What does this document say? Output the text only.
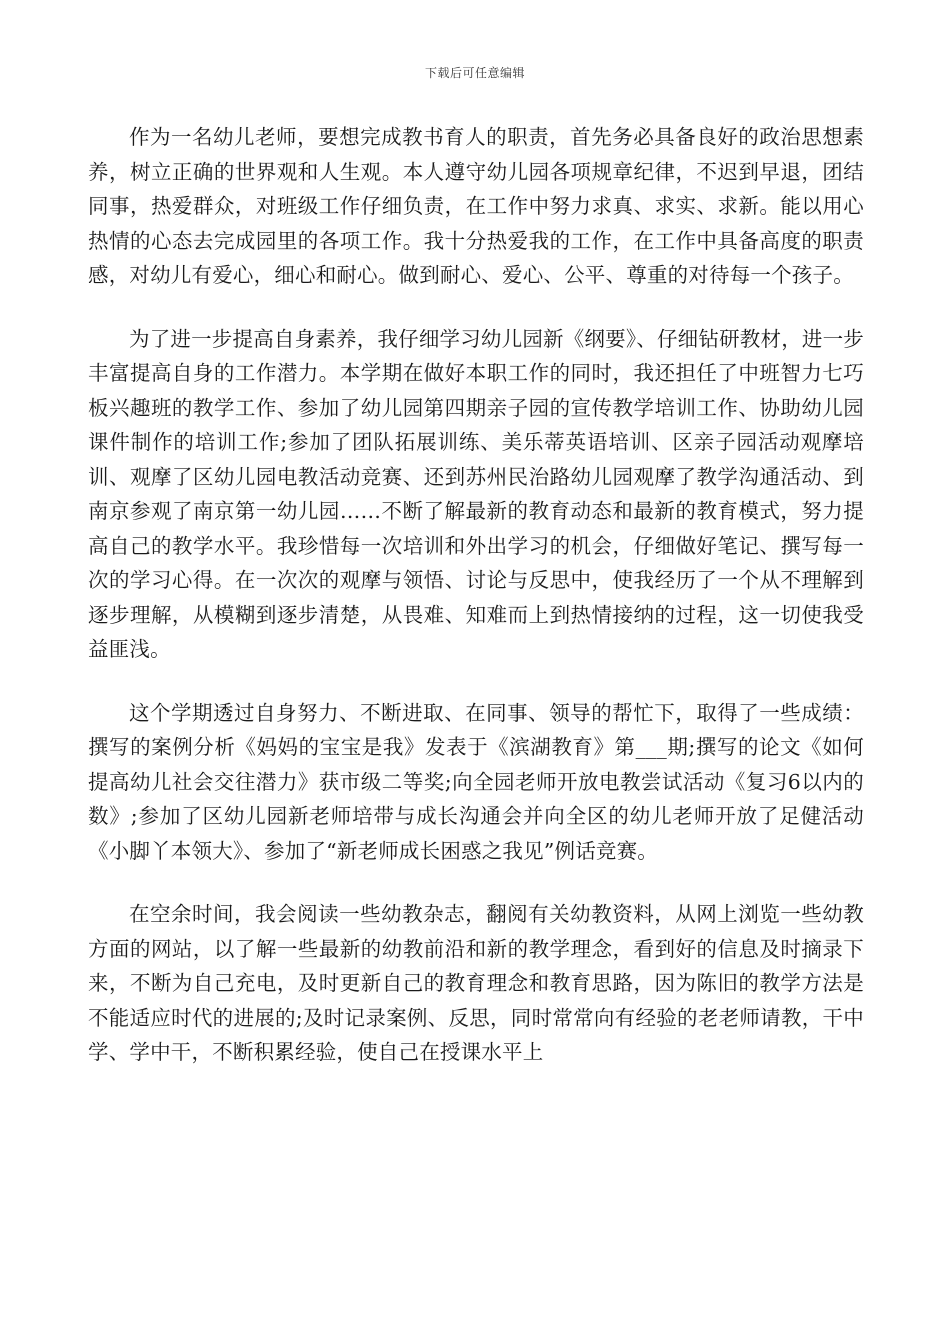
下载后可任意编辑

作为一名幼儿老师，要想完成教书育人的职责，首先务必具备良好的政治思想素养，树立正确的世界观和人生观。本人遵守幼儿园各项规章纪律，不迟到早退，团结同事，热爱群众，对班级工作仔细负责，在工作中努力求真、求实、求新。能以用心热情的心态去完成园里的各项工作。我十分热爱我的工作，在工作中具备高度的职责感，对幼儿有爱心，细心和耐心。做到耐心、爱心、公平、尊重的对待每一个孩子。

为了进一步提高自身素养，我仔细学习幼儿园新《纲要》、仔细钻研教材，进一步丰富提高自身的工作潜力。本学期在做好本职工作的同时，我还担任了中班智力七巧板兴趣班的教学工作、参加了幼儿园第四期亲子园的宣传教学培训工作、协助幼儿园课件制作的培训工作;参加了团队拓展训练、美乐蒂英语培训、区亲子园活动观摩培训、观摩了区幼儿园电教活动竞赛、还到苏州民治路幼儿园观摩了教学沟通活动、到南京参观了南京第一幼儿园……不断了解最新的教育动态和最新的教育模式，努力提高自己的教学水平。我珍惜每一次培训和外出学习的机会，仔细做好笔记、撰写每一次的学习心得。在一次次的观摩与领悟、讨论与反思中，使我经历了一个从不理解到逐步理解，从模糊到逐步清楚，从畏难、知难而上到热情接纳的过程，这一切使我受益匪浅。

这个学期透过自身努力、不断进取、在同事、领导的帮忙下，取得了一些成绩：撰写的案例分析《妈妈的宝宝是我》发表于《滨湖教育》第___期;撰写的论文《如何提高幼儿社会交往潜力》获市级二等奖;向全园老师开放电教尝试活动《复习6以内的数》;参加了区幼儿园新老师培带与成长沟通会并向全区的幼儿老师开放了足健活动《小脚丫本领大》、参加了“新老师成长困惑之我见”例话竞赛。

在空余时间，我会阅读一些幼教杂志，翻阅有关幼教资料，从网上浏览一些幼教方面的网站，以了解一些最新的幼教前沿和新的教学理念，看到好的信息及时摘录下来，不断为自己充电，及时更新自己的教育理念和教育思路，因为陈旧的教学方法是不能适应时代的进展的;及时记录案例、反思，同时常常向有经验的老老师请教，干中学、学中干，不断积累经验，使自己在授课水平上
